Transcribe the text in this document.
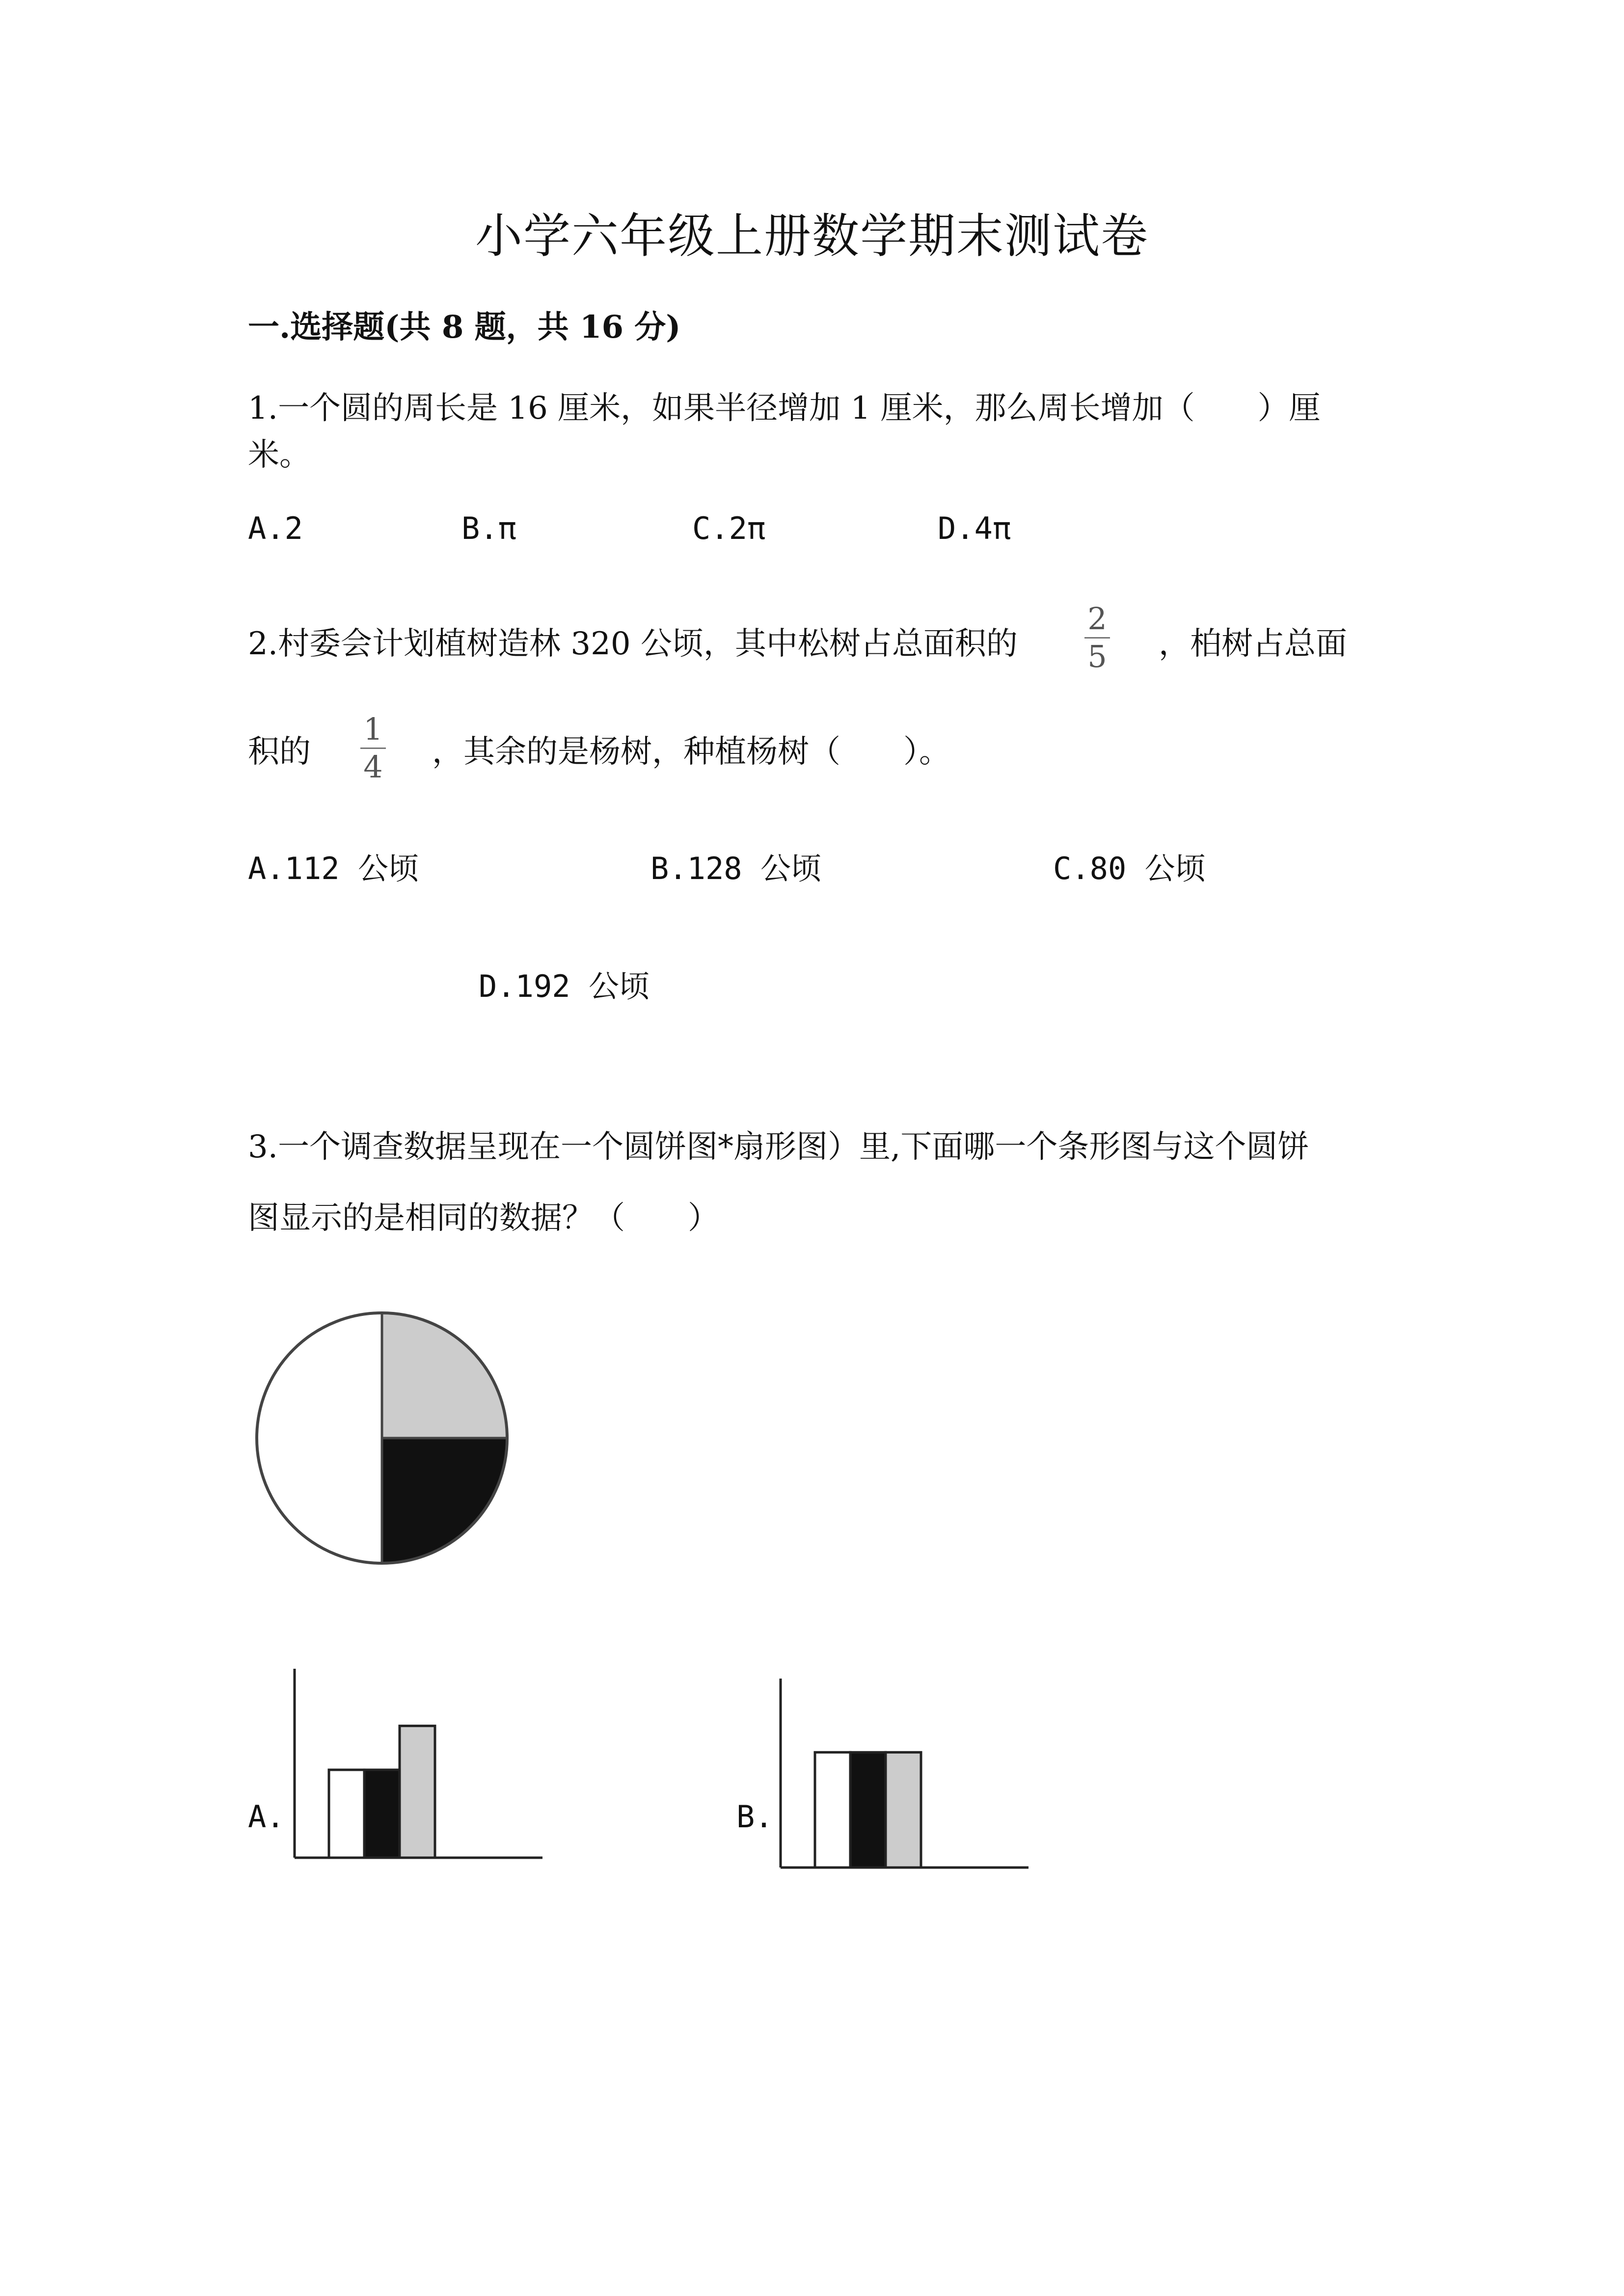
小学六年级上册数学期末测试卷
一.选择题(共 8 题，共 16 分)
1.一个圆的周长是 16 厘米，如果半径增加 1 厘米，那么周长增加（　　）厘
米。
A.2	B.π	C.2π	D.4π
2.村委会计划植树造林 320 公顷，其中松树占总面积的
2
5 ，柏树占总面
积的
1
4 ，其余的是杨树，种植杨树（　　）。
A.112 公顷	B.128 公顷	C.80 公顷
D.192 公顷
3.一个调查数据呈现在一个圆饼图*扇形图）里,下面哪一个条形图与这个圆饼
图显示的是相同的数据？（　　）
A.	B.
